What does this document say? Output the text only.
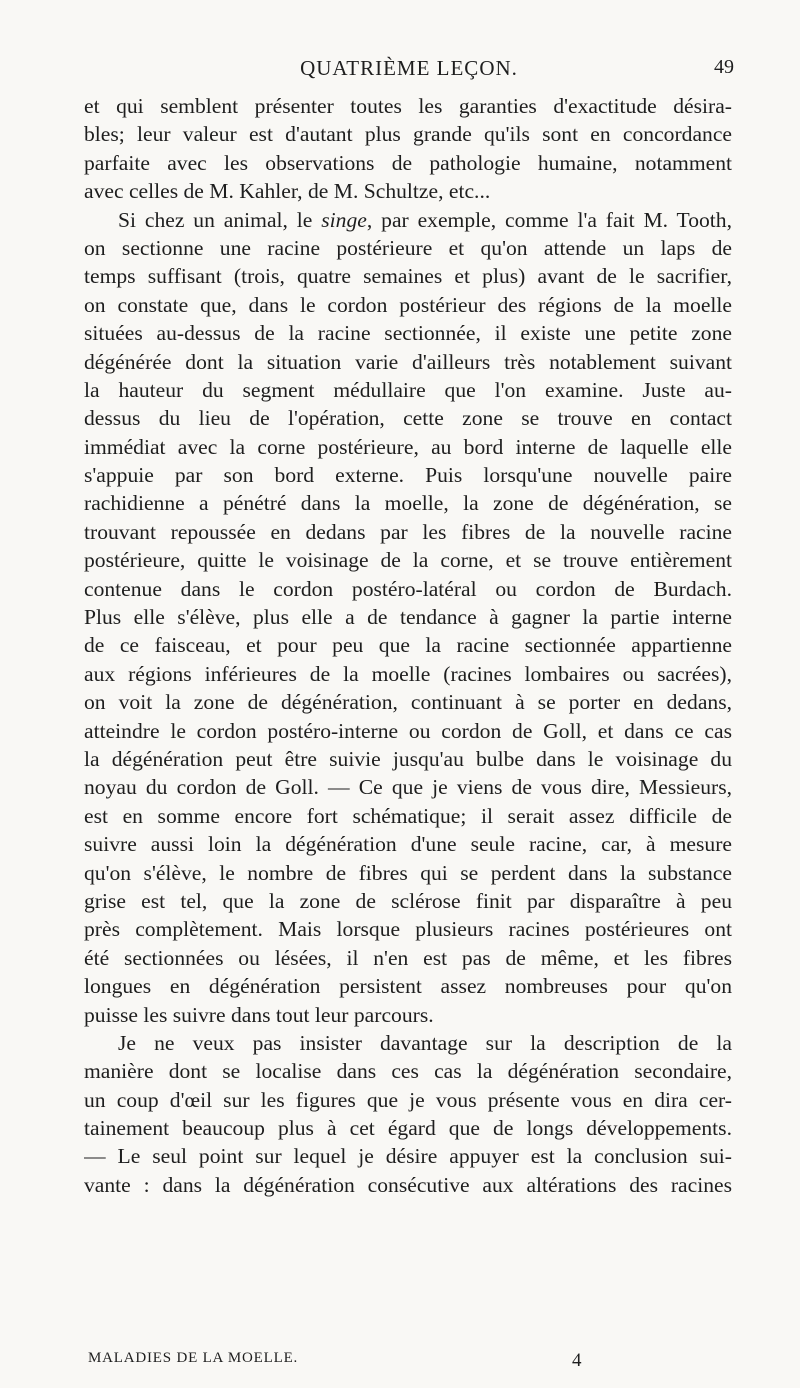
QUATRIÈME LEÇON.	49
et qui semblent présenter toutes les garanties d'exactitude désira-
bles; leur valeur est d'autant plus grande qu'ils sont en concordance
parfaite avec les observations de pathologie humaine, notamment
avec celles de M. Kahler, de M. Schultze, etc...
Si chez un animal, le singe, par exemple, comme l'a fait M. Tooth,
on sectionne une racine postérieure et qu'on attende un laps de
temps suffisant (trois, quatre semaines et plus) avant de le sacrifier,
on constate que, dans le cordon postérieur des régions de la moelle
situées au-dessus de la racine sectionnée, il existe une petite zone
dégénérée dont la situation varie d'ailleurs très notablement suivant
la hauteur du segment médullaire que l'on examine. Juste au-
dessus du lieu de l'opération, cette zone se trouve en contact
immédiat avec la corne postérieure, au bord interne de laquelle elle
s'appuie par son bord externe. Puis lorsqu'une nouvelle paire
rachidienne a pénétré dans la moelle, la zone de dégénération, se
trouvant repoussée en dedans par les fibres de la nouvelle racine
postérieure, quitte le voisinage de la corne, et se trouve entièrement
contenue dans le cordon postéro-latéral ou cordon de Burdach.
Plus elle s'élève, plus elle a de tendance à gagner la partie interne
de ce faisceau, et pour peu que la racine sectionnée appartienne
aux régions inférieures de la moelle (racines lombaires ou sacrées),
on voit la zone de dégénération, continuant à se porter en dedans,
atteindre le cordon postéro-interne ou cordon de Goll, et dans ce cas
la dégénération peut être suivie jusqu'au bulbe dans le voisinage du
noyau du cordon de Goll. — Ce que je viens de vous dire, Messieurs,
est en somme encore fort schématique; il serait assez difficile de
suivre aussi loin la dégénération d'une seule racine, car, à mesure
qu'on s'élève, le nombre de fibres qui se perdent dans la substance
grise est tel, que la zone de sclérose finit par disparaître à peu
près complètement. Mais lorsque plusieurs racines postérieures ont
été sectionnées ou lésées, il n'en est pas de même, et les fibres
longues en dégénération persistent assez nombreuses pour qu'on
puisse les suivre dans tout leur parcours.
Je ne veux pas insister davantage sur la description de la
manière dont se localise dans ces cas la dégénération secondaire,
un coup d'œil sur les figures que je vous présente vous en dira cer-
tainement beaucoup plus à cet égard que de longs développements.
— Le seul point sur lequel je désire appuyer est la conclusion sui-
vante : dans la dégénération consécutive aux altérations des racines
MALADIES DE LA MOELLE.	4
